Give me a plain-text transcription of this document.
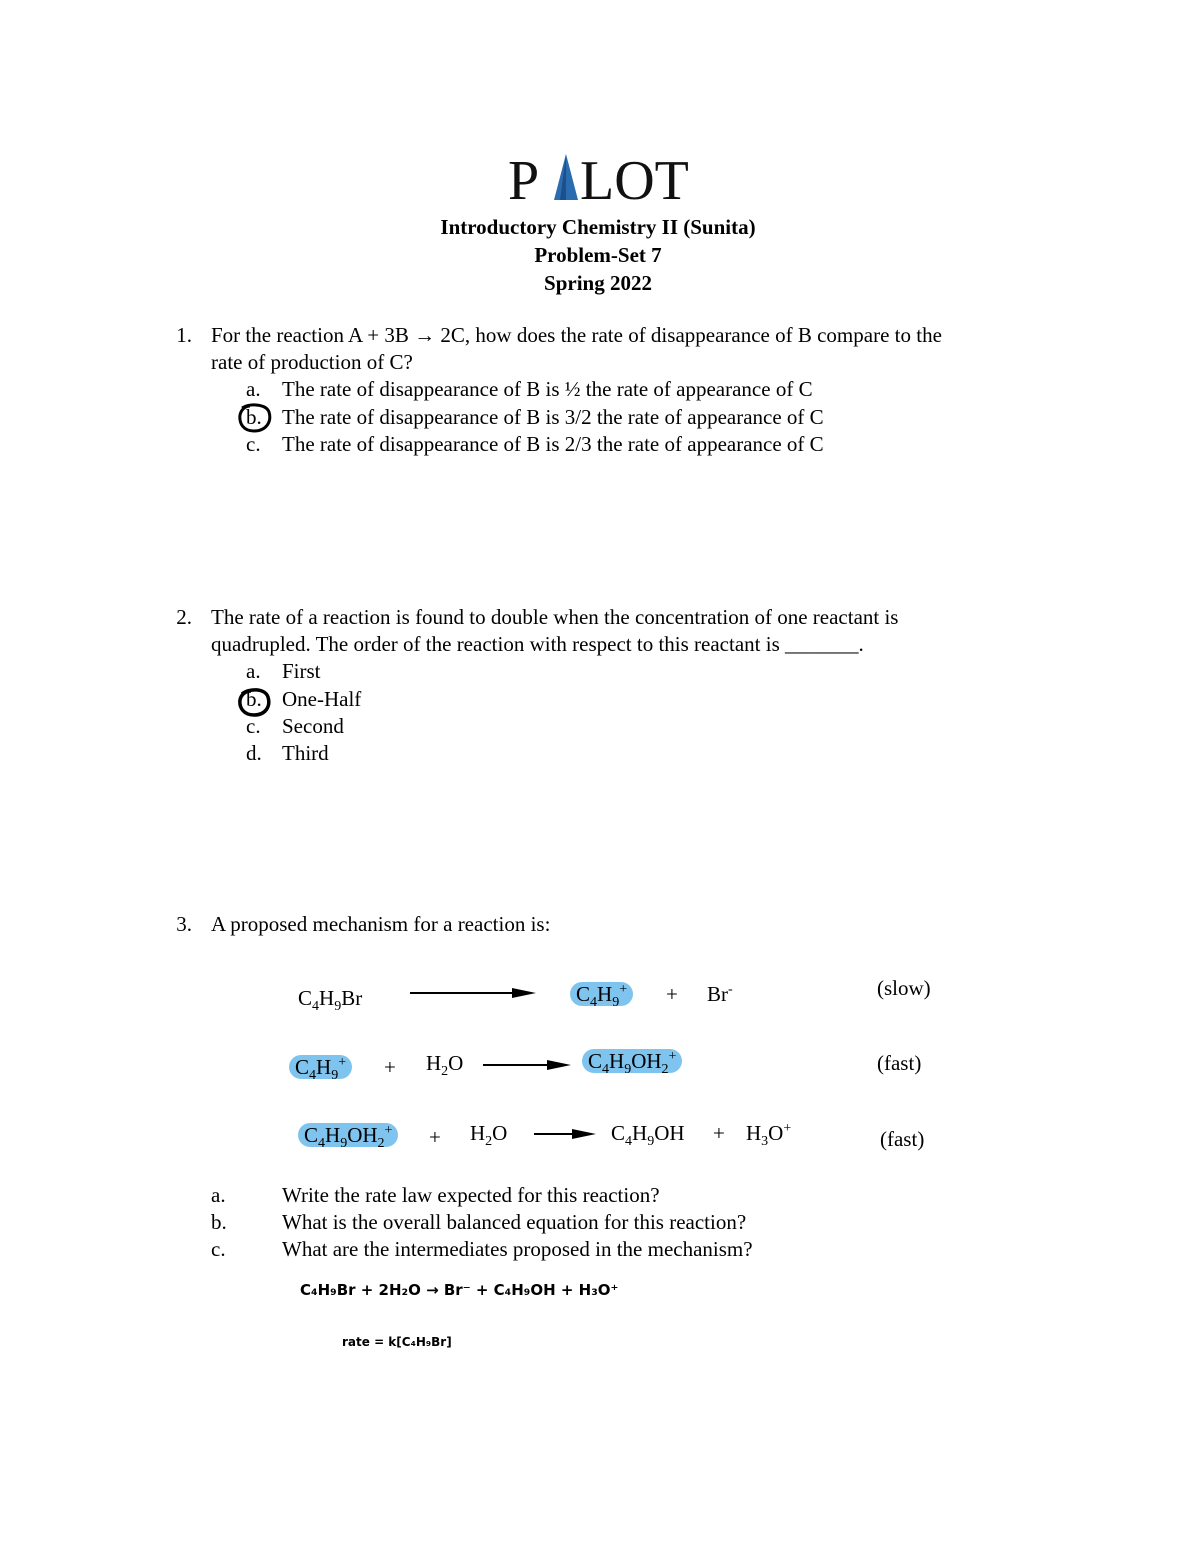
P LOT
Introductory Chemistry II (Sunita)
Problem-Set 7
Spring 2022
1. For the reaction A + 3B → 2C, how does the rate of disappearance of B compare to the
rate of production of C?
a. The rate of disappearance of B is ½ the rate of appearance of C
b. The rate of disappearance of B is 3/2 the rate of appearance of C
c. The rate of disappearance of B is 2/3 the rate of appearance of C
2. The rate of a reaction is found to double when the concentration of one reactant is
quadrupled. The order of the reaction with respect to this reactant is _______.
a. First
b. One-Half
c. Second
d. Third
3. A proposed mechanism for a reaction is:
$C_4H_9Br$	$C_4H_9^+ + Br^-$	(slow)
$C_4H_9^+ + H_2O$	$C_4H_9OH_2^+$	(fast)
$C_4H_9OH_2^+ + H_2O$	$C_4H_9OH + H_3O^+$	(fast)
a.	Write the rate law expected for this reaction?
b.	What is the overall balanced equation for this reaction?
c.	What are the intermediates proposed in the mechanism?
C₄H₉Br + 2H₂O → Br⁻ + C₄H₉OH + H₃O⁺
rate = k[C₄H₉Br]
